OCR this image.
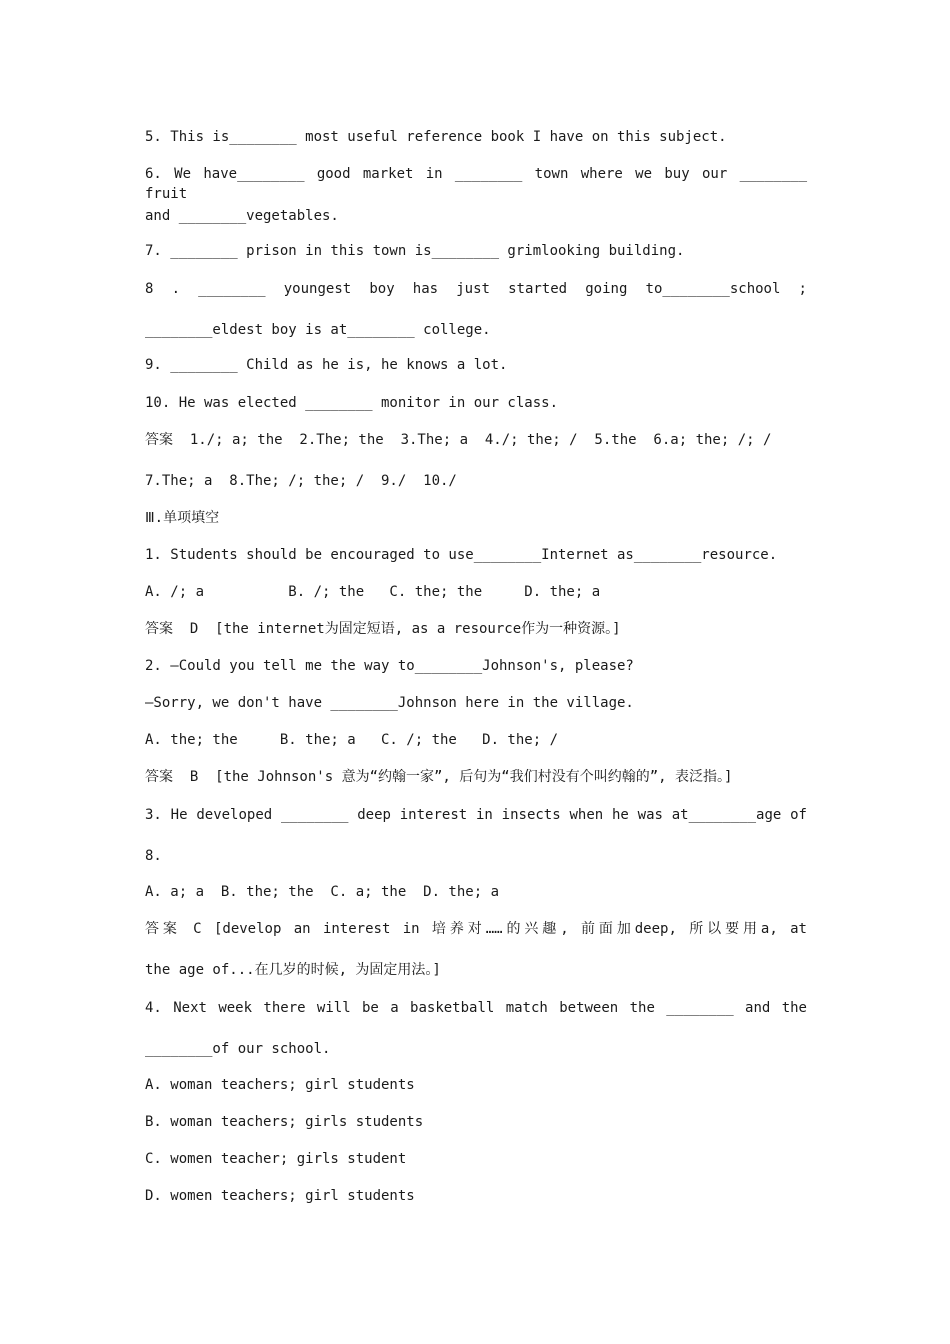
5. This is________ most useful reference book I have on this subject.
6. We have________ good market in ________ town where we buy our ________ fruit
and ________vegetables.
7. ________ prison in this town is________ grimlooking building.
8 . ________ youngest boy has just started going to________school ;
________eldest boy is at________ college.
9. ________ Child as he is, he knows a lot.
10. He was elected ________ monitor in our class.
答案  1./; a; the  2.The; the  3.The; a  4./; the; /  5.the  6.a; the; /; /
7.The; a  8.The; /; the; /  9./  10./
Ⅲ.单项填空
1. Students should be encouraged to use________Internet as________resource.
A. /; a          B. /; the   C. the; the     D. the; a
答案  D  [the internet为固定短语, as a resource作为一种资源。]
2. —Could you tell me the way to________Johnson's, please?
—Sorry, we don't have ________Johnson here in the village.
A. the; the     B. the; a   C. /; the   D. the; /
答案  B  [the Johnson's 意为“约翰一家”, 后句为“我们村没有个叫约翰的”, 表泛指。]
3. He developed ________ deep interest in insects when he was at________age of
8.
A. a; a  B. the; the  C. a; the  D. the; a
答案 C [develop an interest in 培养对……的兴趣, 前面加deep, 所以要用a, at
the age of...在几岁的时候, 为固定用法。]
4. Next week there will be a basketball match between the ________ and the
________of our school.
A. woman teachers; girl students
B. woman teachers; girls students
C. women teacher; girls student
D. women teachers; girl students
